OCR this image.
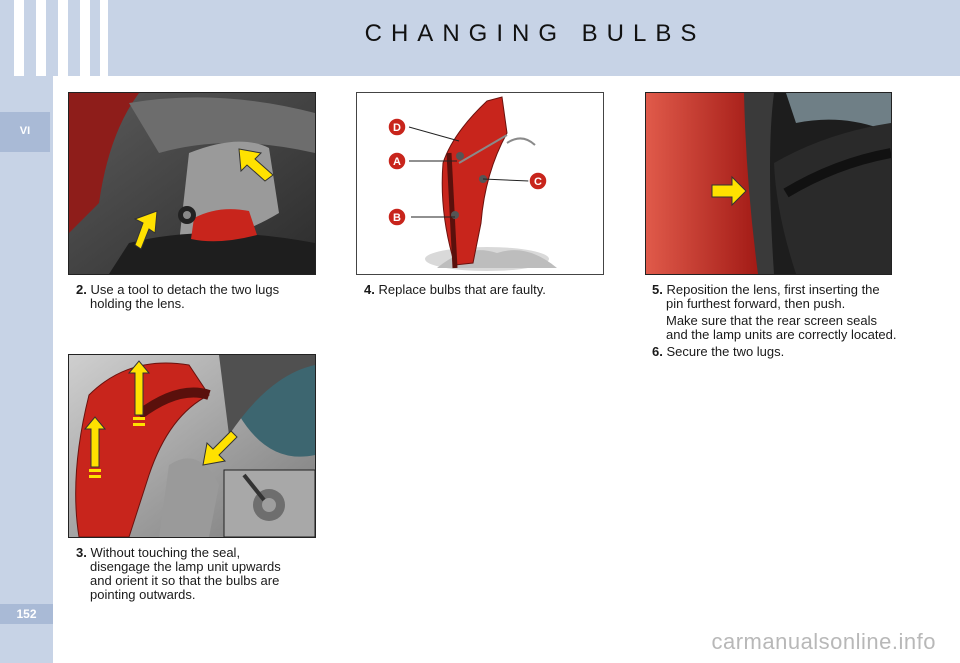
CHANGING BULBS
VI
152

2. Use a tool to detach the two lugs holding the lens.

D
A
C
B

4. Replace bulbs that are faulty.	5. Reposition the lens, first inserting the pin furthest forward, then push.

Make sure that the rear screen seals and the lamp units are correctly located.

6. Secure the two lugs.

3. Without touching the seal, disengage the lamp unit upwards and orient it so that the bulbs are pointing outwards.

carmanualsonline.info
